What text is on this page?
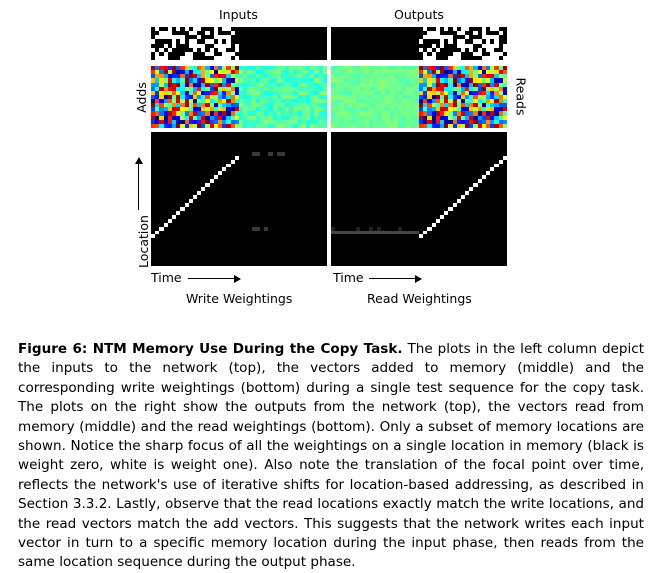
Inputs	Outputs
Adds	Reads
Location
Time	Time
Write Weightings	Read Weightings
Figure 6: NTM Memory Use During the Copy Task. The plots in the left column depict the inputs to the network (top), the vectors added to memory (middle) and the corresponding write weightings (bottom) during a single test sequence for the copy task. The plots on the right show the outputs from the network (top), the vectors read from memory (middle) and the read weightings (bottom). Only a subset of memory locations are shown. Notice the sharp focus of all the weightings on a single location in memory (black is weight zero, white is weight one). Also note the translation of the focal point over time, reflects the network's use of iterative shifts for location-based addressing, as described in Section 3.3.2. Lastly, observe that the read locations exactly match the write locations, and the read vectors match the add vectors. This suggests that the network writes each input vector in turn to a specific memory location during the input phase, then reads from the same location sequence during the output phase.
